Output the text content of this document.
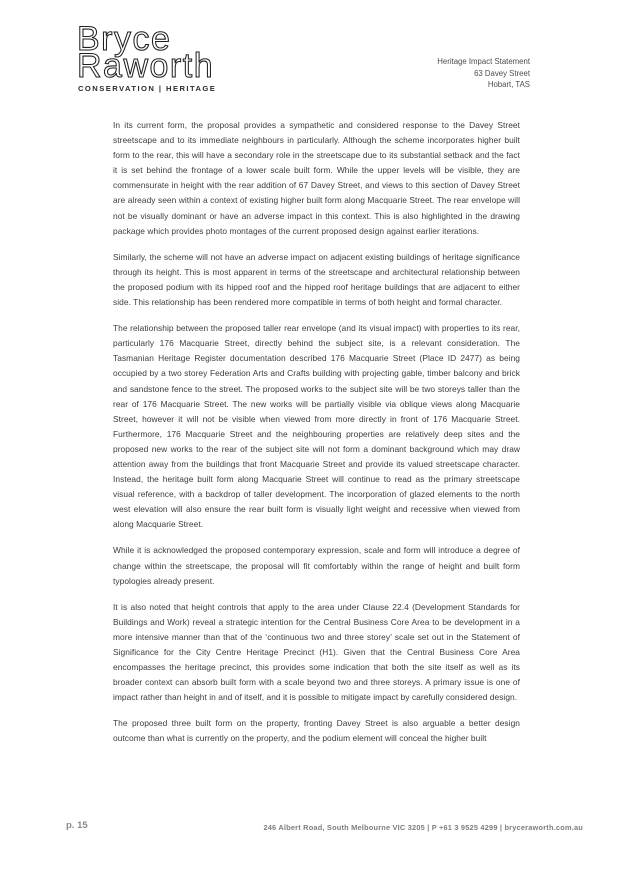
Bryce
Raworth
CONSERVATION | HERITAGE
Heritage Impact Statement
63 Davey Street
Hobart, TAS

In its current form, the proposal provides a sympathetic and considered response to the Davey Street streetscape and to its immediate neighbours in particularly. Although the scheme incorporates higher built form to the rear, this will have a secondary role in the streetscape due to its substantial setback and the fact it is set behind the frontage of a lower scale built form. While the upper levels will be visible, they are commensurate in height with the rear addition of 67 Davey Street, and views to this section of Davey Street are already seen within a context of existing higher built form along Macquarie Street. The rear envelope will not be visually dominant or have an adverse impact in this context. This is also highlighted in the drawing package which provides photo montages of the current proposed design against earlier iterations.

Similarly, the scheme will not have an adverse impact on adjacent existing buildings of heritage significance through its height. This is most apparent in terms of the streetscape and architectural relationship between the proposed podium with its hipped roof and the hipped roof heritage buildings that are adjacent to either side. This relationship has been rendered more compatible in terms of both height and formal character.

The relationship between the proposed taller rear envelope (and its visual impact) with properties to its rear, particularly 176 Macquarie Street, directly behind the subject site, is a relevant consideration. The Tasmanian Heritage Register documentation described 176 Macquarie Street (Place ID 2477) as being occupied by a two storey Federation Arts and Crafts building with projecting gable, timber balcony and brick and sandstone fence to the street. The proposed works to the subject site will be two storeys taller than the rear of 176 Macquarie Street. The new works will be partially visible via oblique views along Macquarie Street, however it will not be visible when viewed from more directly in front of 176 Macquarie Street. Furthermore, 176 Macquarie Street and the neighbouring properties are relatively deep sites and the proposed new works to the rear of the subject site will not form a dominant background which may draw attention away from the buildings that front Macquarie Street and provide its valued streetscape character. Instead, the heritage built form along Macquarie Street will continue to read as the primary streetscape visual reference, with a backdrop of taller development. The incorporation of glazed elements to the north west elevation will also ensure the rear built form is visually light weight and recessive when viewed from along Macquarie Street.

While it is acknowledged the proposed contemporary expression, scale and form will introduce a degree of change within the streetscape, the proposal will fit comfortably within the range of height and built form typologies already present.

It is also noted that height controls that apply to the area under Clause 22.4 (Development Standards for Buildings and Work) reveal a strategic intention for the Central Business Core Area to be development in a more intensive manner than that of the ‘continuous two and three storey’ scale set out in the Statement of Significance for the City Centre Heritage Precinct (H1). Given that the Central Business Core Area encompasses the heritage precinct, this provides some indication that both the site itself as well as its broader context can absorb built form with a scale beyond two and three storeys. A primary issue is one of impact rather than height in and of itself, and it is possible to mitigate impact by carefully considered design.

The proposed three built form on the property, fronting Davey Street is also arguable a better design outcome than what is currently on the property, and the podium element will conceal the higher built

p. 15	246 Albert Road, South Melbourne VIC 3205 | P +61 3 9525 4299 | bryceraworth.com.au
